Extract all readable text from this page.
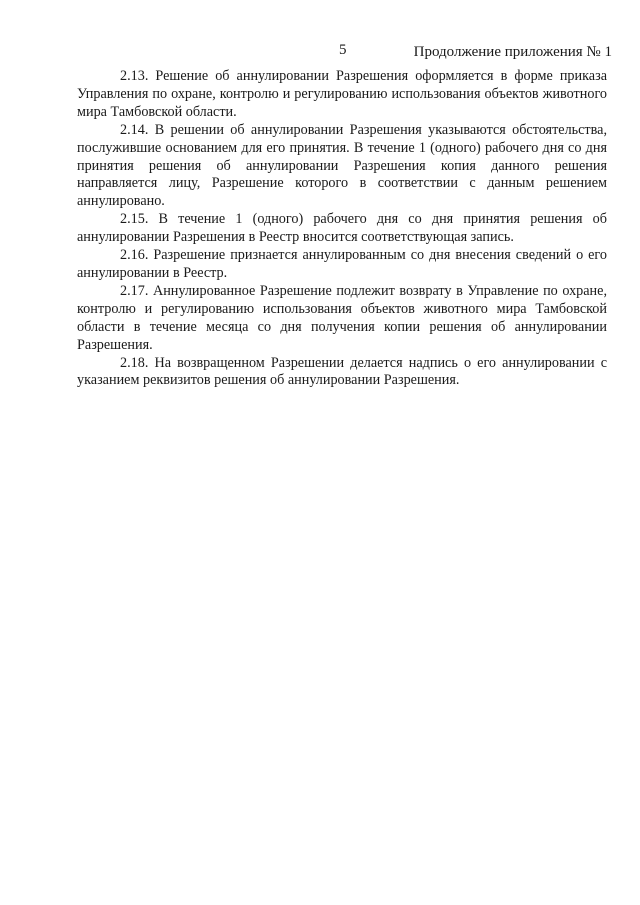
5	Продолжение приложения № 1

2.13. Решение об аннулировании Разрешения оформляется в форме приказа Управления по охране, контролю и регулированию использования объектов животного мира Тамбовской области.

2.14. В решении об аннулировании Разрешения указываются обстоятельства, послужившие основанием для его принятия. В течение 1 (одного) рабочего дня со дня принятия решения об аннулировании Разрешения копия данного решения направляется лицу, Разрешение которого в соответствии с данным решением аннулировано.

2.15. В течение 1 (одного) рабочего дня со дня принятия решения об аннулировании Разрешения в Реестр вносится соответствующая запись.

2.16. Разрешение признается аннулированным со дня внесения сведений о его аннулировании в Реестр.

2.17. Аннулированное Разрешение подлежит возврату в Управление по охране, контролю и регулированию использования объектов животного мира Тамбовской области в течение месяца со дня получения копии решения об аннулировании Разрешения.

2.18. На возвращенном Разрешении делается надпись о его аннулировании с указанием реквизитов решения об аннулировании Разрешения.
